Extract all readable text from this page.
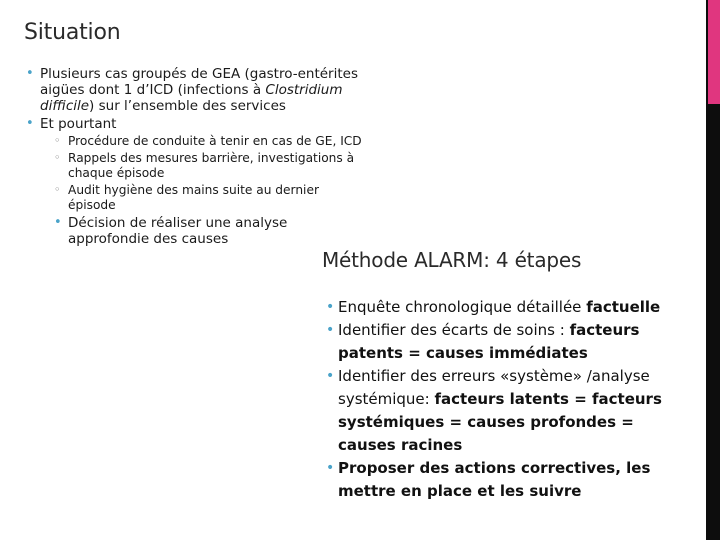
Situation
• Plusieurs cas groupés de GEA (gastro-entérites aigües dont 1 d’ICD (infections à Clostridium difficile) sur l’ensemble des services
• Et pourtant
◦ Procédure de conduite à tenir en cas de GE, ICD
◦ Rappels des mesures barrière, investigations à chaque épisode
◦ Audit hygiène des mains suite au dernier épisode
• Décision de réaliser une analyse approfondie des causes
Méthode ALARM: 4 étapes
• Enquête chronologique détaillée factuelle
• Identifier des écarts de soins : facteurs patents = causes immédiates
• Identifier des erreurs «système» /analyse systémique: facteurs latents = facteurs systémiques = causes profondes = causes racines
• Proposer des actions correctives, les mettre en place et les suivre
